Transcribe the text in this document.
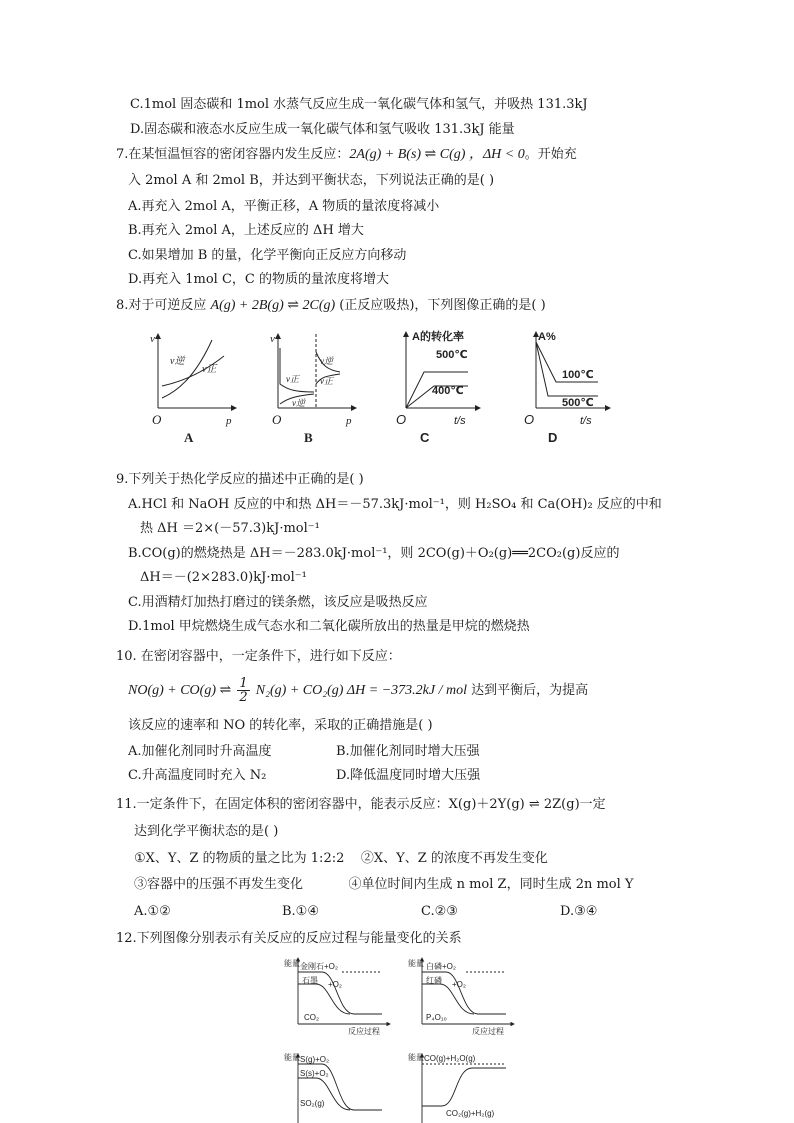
C.1mol 固态碳和 1mol 水蒸气反应生成一氧化碳气体和氢气，并吸热 131.3kJ
D.固态碳和液态水反应生成一氧化碳气体和氢气吸收 131.3kJ 能量
7.在某恒温恒容的密闭容器内发生反应：2A(g) + B(s) ⇌ C(g) ，ΔH < 0。开始充
入 2mol A 和 2mol B，并达到平衡状态，下列说法正确的是( )
A.再充入 2mol A，平衡正移，A 物质的量浓度将减小
B.再充入 2mol A，上述反应的 ΔH 增大
C.如果增加 B 的量，化学平衡向正反应方向移动
D.再充入 1mol C，C 的物质的量浓度将增大
8.对于可逆反应 A(g) + 2B(g) ⇌ 2C(g) (正反应吸热)，下列图像正确的是( )
v
O	p
v逆
v正
A
v
O	p
v正
v逆
v逆
v正
B
A的转化率
O	t/s
500℃
400℃
C
A%
O	t/s
100℃
500℃
D
9.下列关于热化学反应的描述中正确的是( )
A.HCl 和 NaOH 反应的中和热 ΔH＝－57.3kJ·mol⁻¹，则 H₂SO₄ 和 Ca(OH)₂ 反应的中和
热 ΔH ＝2×(－57.3)kJ·mol⁻¹
B.CO(g)的燃烧热是 ΔH＝－283.0kJ·mol⁻¹，则 2CO(g)＋O₂(g)══2CO₂(g)反应的
ΔH＝－(2×283.0)kJ·mol⁻¹
C.用酒精灯加热打磨过的镁条燃，该反应是吸热反应
D.1mol 甲烷燃烧生成气态水和二氧化碳所放出的热量是甲烷的燃烧热
10. 在密闭容器中，一定条件下，进行如下反应：
NO(g) + CO(g) ⇌ $\frac{1}{2} N_2(g) + CO_2(g) \Delta H = -373.2kJ$ / mol 达到平衡后，为提高
该反应的速率和 NO 的转化率，采取的正确措施是( )
A.加催化剂同时升高温度	B.加催化剂同时增大压强
C.升高温度同时充入 N₂	D.降低温度同时增大压强
11.一定条件下，在固定体积的密闭容器中，能表示反应：X(g)＋2Y(g) ⇌ 2Z(g)一定
达到化学平衡状态的是( )
①X、Y、Z 的物质的量之比为 1:2:2    ②X、Y、Z 的浓度不再发生变化
③容器中的压强不再发生变化           ④单位时间内生成 n mol Z，同时生成 2n mol Y
A.①②	B.①④	C.②③	D.③④
12.下列图像分别表示有关反应的反应过程与能量变化的关系
能量 金刚石+O₂
石墨 +O₂
CO₂
反应过程
能量 白磷+O₂
红磷 +O₂
P₄O₁₀
反应过程
能量 S(g)+O₂
S(s)+O₂
SO₂(g)
能量 CO(g)+H₂O(g)
CO₂(g)+H₂(g)
